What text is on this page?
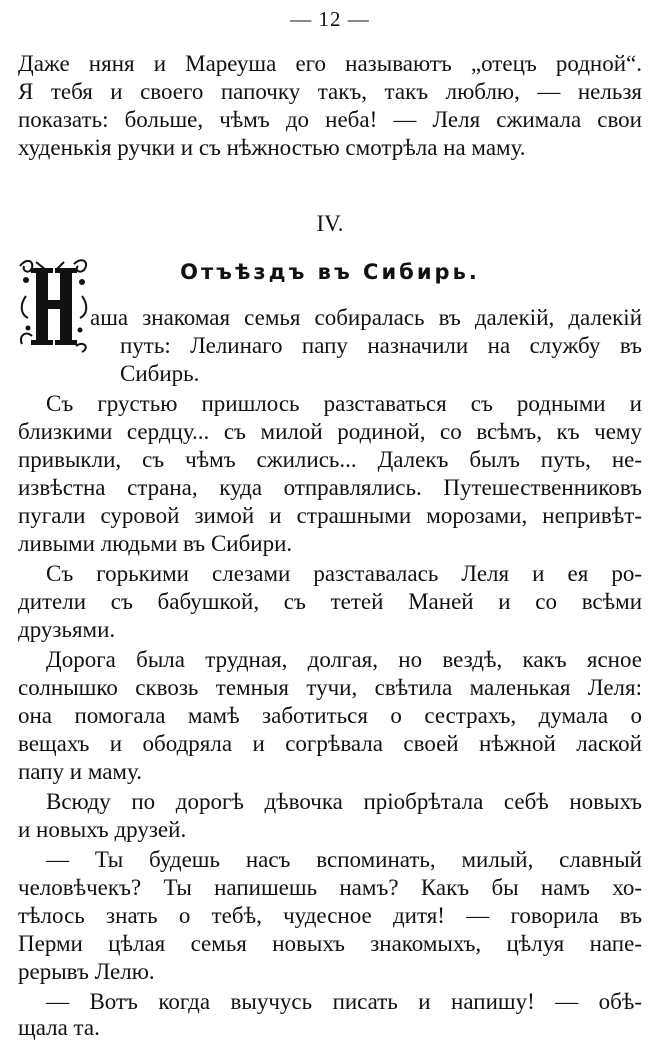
— 12 —
Даже няня и Мареуша его называютъ „отецъ родной“.
Я тебя и своего папочку такъ, такъ люблю, — нельзя
показать: больше, чѣмъ до неба! — Леля сжимала свои
худенькія ручки и съ нѣжностью смотрѣла на маму.
IV.
Отъѣздъ въ Сибирь.
аша знакомая семья собиралась въ далекій, далекій
путь: Лелинаго папу назначили на службу въ
Сибирь.
Съ грустью пришлось разставаться съ родными и
близкими сердцу... съ милой родиной, со всѣмъ, къ чему
привыкли, съ чѣмъ сжились... Далекъ былъ путь, не-
извѣстна страна, куда отправлялись. Путешественниковъ
пугали суровой зимой и страшными морозами, непривѣт-
ливыми людьми въ Сибири.
Съ горькими слезами разставалась Леля и ея ро-
дители съ бабушкой, съ тетей Маней и со всѣми
друзьями.
Дорога была трудная, долгая, но вездѣ, какъ ясное
солнышко сквозь темныя тучи, свѣтила маленькая Леля:
она помогала мамѣ заботиться о сестрахъ, думала о
вещахъ и ободряла и согрѣвала своей нѣжной лаской
папу и маму.
Всюду по дорогѣ дѣвочка пріобрѣтала себѣ новыхъ
и новыхъ друзей.
— Ты будешь насъ вспоминать, милый, славный
человѣчекъ? Ты напишешь намъ? Какъ бы намъ хо-
тѣлось знать о тебѣ, чудесное дитя! — говорила въ
Перми цѣлая семья новыхъ знакомыхъ, цѣлуя напе-
рерывъ Лелю.
— Вотъ когда выучусь писать и напишу! — обѣ-
щала та.
